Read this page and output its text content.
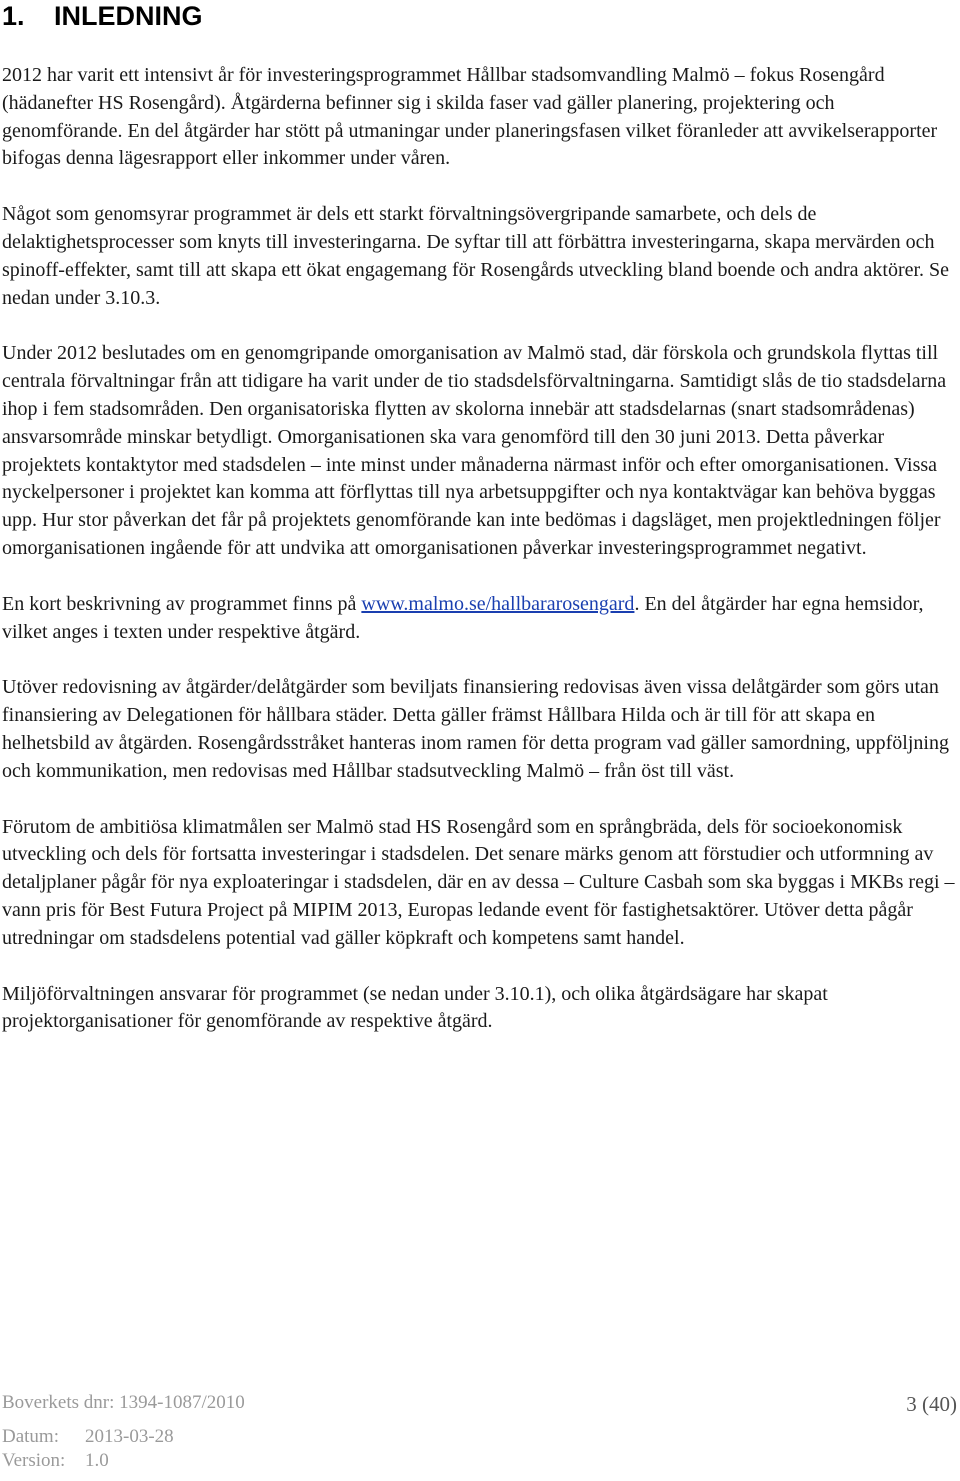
1. INLEDNING

2012 har varit ett intensivt år för investeringsprogrammet Hållbar stadsomvandling Malmö – fokus Rosengård (hädanefter HS Rosengård). Åtgärderna befinner sig i skilda faser vad gäller planering, projektering och genomförande. En del åtgärder har stött på utmaningar under planeringsfasen vilket föranleder att avvikelserapporter bifogas denna lägesrapport eller inkommer under våren.

Något som genomsyrar programmet är dels ett starkt förvaltningsövergripande samarbete, och dels de delaktighetsprocesser som knyts till investeringarna. De syftar till att förbättra investeringarna, skapa mervärden och spinoff-effekter, samt till att skapa ett ökat engagemang för Rosengårds utveckling bland boende och andra aktörer. Se nedan under 3.10.3.

Under 2012 beslutades om en genomgripande omorganisation av Malmö stad, där förskola och grundskola flyttas till centrala förvaltningar från att tidigare ha varit under de tio stadsdelsförvaltningarna. Samtidigt slås de tio stadsdelarna ihop i fem stadsområden. Den organisatoriska flytten av skolorna innebär att stadsdelarnas (snart stadsområdenas) ansvarsområde minskar betydligt. Omorganisationen ska vara genomförd till den 30 juni 2013. Detta påverkar projektets kontaktytor med stadsdelen – inte minst under månaderna närmast inför och efter omorganisationen. Vissa nyckelpersoner i projektet kan komma att förflyttas till nya arbetsuppgifter och nya kontaktvägar kan behöva byggas upp. Hur stor påverkan det får på projektets genomförande kan inte bedömas i dagsläget, men projektledningen följer omorganisationen ingående för att undvika att omorganisationen påverkar investeringsprogrammet negativt.

En kort beskrivning av programmet finns på www.malmo.se/hallbararosengard. En del åtgärder har egna hemsidor, vilket anges i texten under respektive åtgärd.

Utöver redovisning av åtgärder/delåtgärder som beviljats finansiering redovisas även vissa delåtgärder som görs utan finansiering av Delegationen för hållbara städer. Detta gäller främst Hållbara Hilda och är till för att skapa en helhetsbild av åtgärden. Rosengårdsstråket hanteras inom ramen för detta program vad gäller samordning, uppföljning och kommunikation, men redovisas med Hållbar stadsutveckling Malmö – från öst till väst.

Förutom de ambitiösa klimatmålen ser Malmö stad HS Rosengård som en språngbräda, dels för socioekonomisk utveckling och dels för fortsatta investeringar i stadsdelen. Det senare märks genom att förstudier och utformning av detaljplaner pågår för nya exploateringar i stadsdelen, där en av dessa – Culture Casbah som ska byggas i MKBs regi – vann pris för Best Futura Project på MIPIM 2013, Europas ledande event för fastighetsaktörer. Utöver detta pågår utredningar om stadsdelens potential vad gäller köpkraft och kompetens samt handel.

Miljöförvaltningen ansvarar för programmet (se nedan under 3.10.1), och olika åtgärdsägare har skapat projektorganisationer för genomförande av respektive åtgärd.

Boverkets dnr: 1394-1087/2010
Datum: 2013-03-28
Version: 1.0
3 (40)
